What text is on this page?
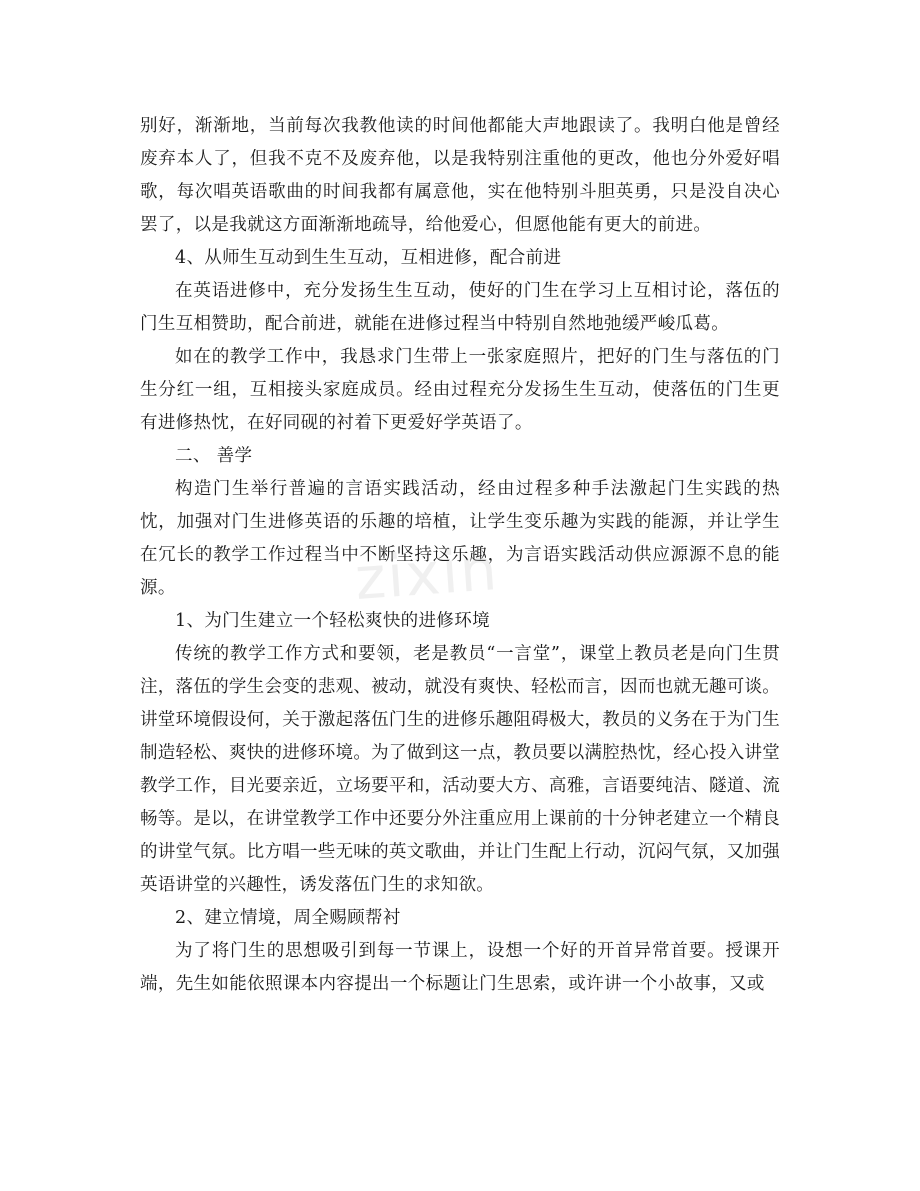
别好，渐渐地，当前每次我教他读的时间他都能大声地跟读了。我明白他是曾经废弃本人了，但我不克不及废弃他，以是我特别注重他的更改，他也分外爱好唱歌，每次唱英语歌曲的时间我都有属意他，实在他特别斗胆英勇，只是没自决心罢了，以是我就这方面渐渐地疏导，给他爱心，但愿他能有更大的前进。

4、从师生互动到生生互动，互相进修，配合前进

在英语进修中，充分发扬生生互动，使好的门生在学习上互相讨论，落伍的门生互相赞助，配合前进，就能在进修过程当中特别自然地弛缓严峻瓜葛。

如在的教学工作中，我恳求门生带上一张家庭照片，把好的门生与落伍的门生分红一组，互相接头家庭成员。经由过程充分发扬生生互动，使落伍的门生更有进修热忱，在好同砚的衬着下更爱好学英语了。

二、 善学

构造门生举行普遍的言语实践活动，经由过程多种手法激起门生实践的热忱，加强对门生进修英语的乐趣的培植，让学生变乐趣为实践的能源，并让学生在冗长的教学工作过程当中不断坚持这乐趣，为言语实践活动供应源源不息的能源。

1、为门生建立一个轻松爽快的进修环境

传统的教学工作方式和要领，老是教员“一言堂”，课堂上教员老是向门生贯注，落伍的学生会变的悲观、被动，就没有爽快、轻松而言，因而也就无趣可谈。讲堂环境假设何，关于激起落伍门生的进修乐趣阻碍极大，教员的义务在于为门生制造轻松、爽快的进修环境。为了做到这一点，教员要以满腔热忱，经心投入讲堂教学工作，目光要亲近，立场要平和，活动要大方、高雅，言语要纯洁、隧道、流畅等。是以，在讲堂教学工作中还要分外注重应用上课前的十分钟老建立一个精良的讲堂气氛。比方唱一些无味的英文歌曲，并让门生配上行动，沉闷气氛，又加强英语讲堂的兴趣性，诱发落伍门生的求知欲。

2、建立情境，周全赐顾帮衬

为了将门生的思想吸引到每一节课上，设想一个好的开首异常首要。授课开端，先生如能依照课本内容提出一个标题让门生思索，或许讲一个小故事，又或

zixin
